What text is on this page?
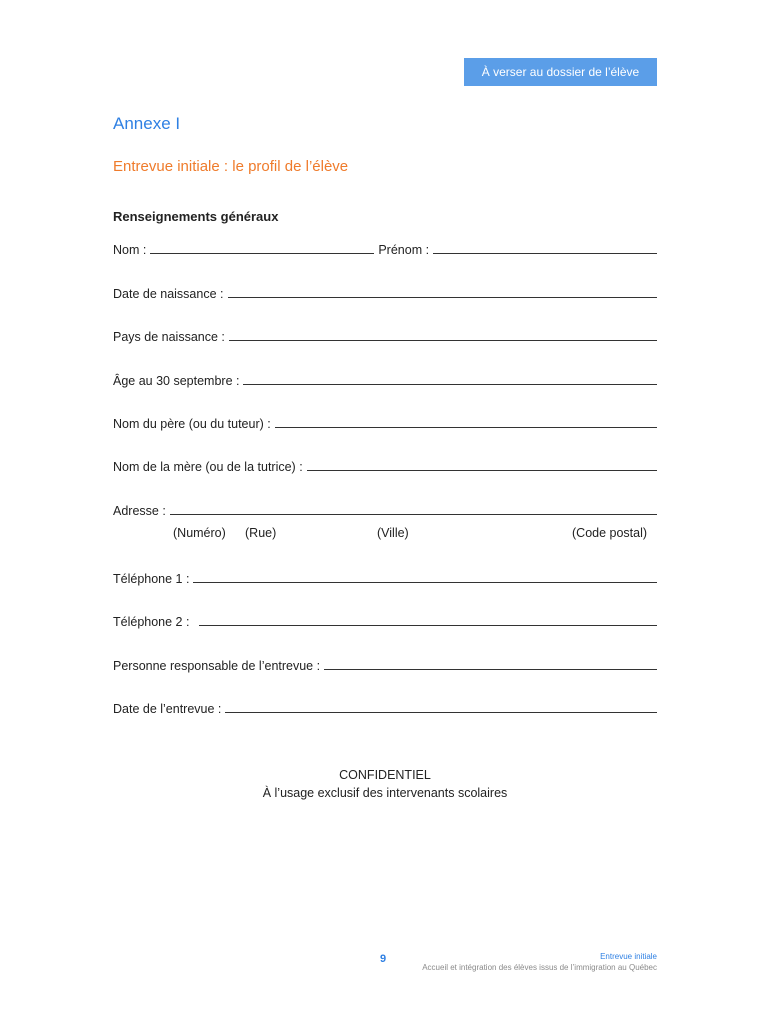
À verser au dossier de l’élève
Annexe I
Entrevue initiale : le profil de l’élève
Renseignements généraux
Nom :	Prénom :
Date de naissance :
Pays de naissance :
Âge au 30 septembre :
Nom du père (ou du tuteur) :
Nom de la mère (ou de la tutrice) :
Adresse :
(Numéro) (Rue)	(Ville)	(Code postal)
Téléphone 1 :
Téléphone 2 :
Personne responsable de l’entrevue :
Date de l’entrevue :
CONFIDENTIEL
À l’usage exclusif des intervenants scolaires
9	Entrevue initiale
Accueil et intégration des élèves issus de l’immigration au Québec
